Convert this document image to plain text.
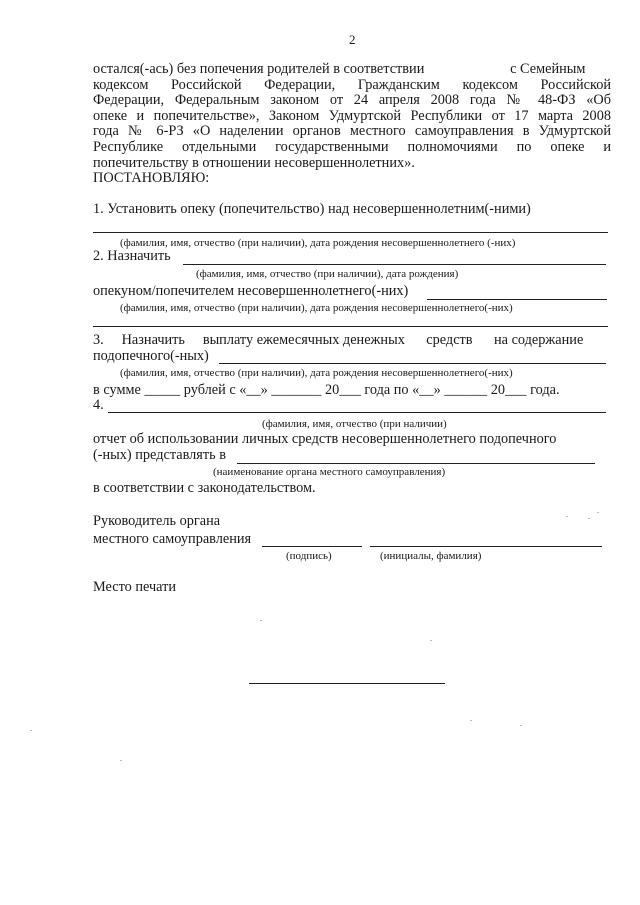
2
остался(-ась) без попечения родителей в соответствии                        с Семейным
кодексом Российской Федерации, Гражданским кодексом Российской
Федерации, Федеральным законом от 24 апреля 2008 года № 48-ФЗ «Об
опеке и попечительстве», Законом Удмуртской Республики от 17 марта 2008
года № 6-РЗ «О наделении органов местного самоуправления в Удмуртской
Республике отдельными государственными полномочиями по опеке и
попечительству в отношении несовершеннолетних».
ПОСТАНОВЛЯЮ:
1. Установить опеку (попечительство) над несовершеннолетним(-ними)
(фамилия, имя, отчество (при наличии), дата рождения несовершеннолетнего (-них)
2. Назначить
(фамилия, имя, отчество (при наличии), дата рождения)
опекуном/попечителем несовершеннолетнего(-них)
(фамилия, имя, отчество (при наличии), дата рождения несовершеннолетнего(-них)
3.     Назначить     выплату ежемесячных денежных      средств      на содержание
подопечного(-ных)
(фамилия, имя, отчество (при наличии), дата рождения несовершеннолетнего(-них)
в сумме _____ рублей с «__» _______ 20___ года по «__» ______ 20___ года.
4.
(фамилия, имя, отчество (при наличии)
отчет об использовании личных средств несовершеннолетнего подопечного
(-ных) представлять в
(наименование органа местного самоуправления)
в соответствии с законодательством.
Руководитель органа
местного самоуправления
(подпись)	(инициалы, фамилия)
Место печати
